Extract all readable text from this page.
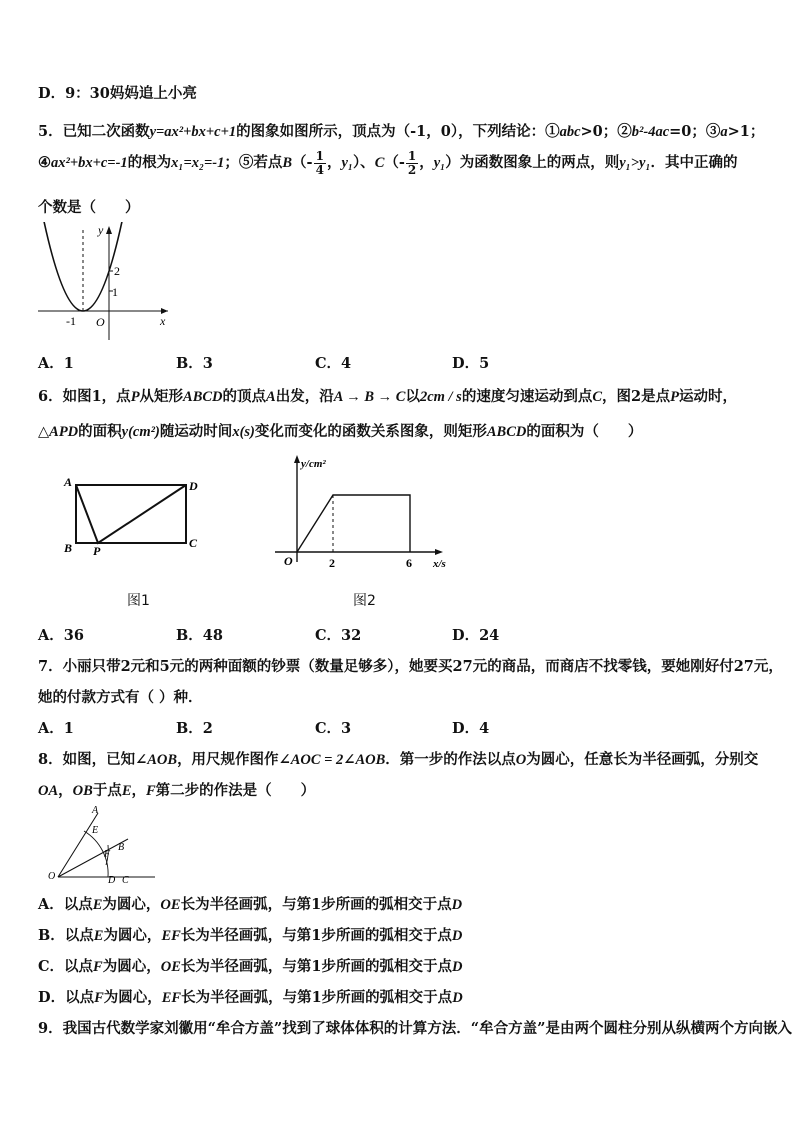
D．9：30妈妈追上小亮
5．已知二次函数y=ax²+bx+c+1的图象如图所示，顶点为（-1，0），下列结论：①abc>0；②b²-4ac=0；③a>1；
④ax²+bx+c=-1的根为x₁=x₂=-1；⑤若点$B(- \frac{1}{4}$ ，y₁）、$C(- \frac{1}{2}$ ，y₁）为函数图象上的两点，则y₁>y₁．其中正确的
个数是（　　）
y
x
2
1
-1 O
A．1	B．3	C．4	D．5
6．如图1，点P从矩形ABCD的顶点A出发，沿A → B → C以2cm / s的速度匀速运动到点C，图2是点P运动时，
△APD的面积y(cm²)随运动时间x(s)变化而变化的函数关系图象，则矩形ABCD的面积为（　　）
A
B P
C
D
图1
y/cm²
O	2	6 x/s
图2
A．36	B．48	C．32	D．24
7．小丽只带2元和5元的两种面额的钞票（数量足够多），她要买27元的商品，而商店不找零钱，要她刚好付27元，
她的付款方式有（ ）种．
A．1	B．2	C．3	D．4
8．如图，已知∠AOB，用尺规作图作∠AOC = 2∠AOB．第一步的作法以点O为圆心，任意长为半径画弧，分别交
OA，OB于点E，F第二步的作法是（　　）
A
E
B
F
O	D C
A．以点E为圆心，OE长为半径画弧，与第1步所画的弧相交于点D
B．以点E为圆心，EF长为半径画弧，与第1步所画的弧相交于点D
C．以点F为圆心，OE长为半径画弧，与第1步所画的弧相交于点D
D．以点F为圆心，EF长为半径画弧，与第1步所画的弧相交于点D
9．我国古代数学家刘徽用“牟合方盖”找到了球体体积的计算方法．“牟合方盖”是由两个圆柱分别从纵横两个方向嵌入
